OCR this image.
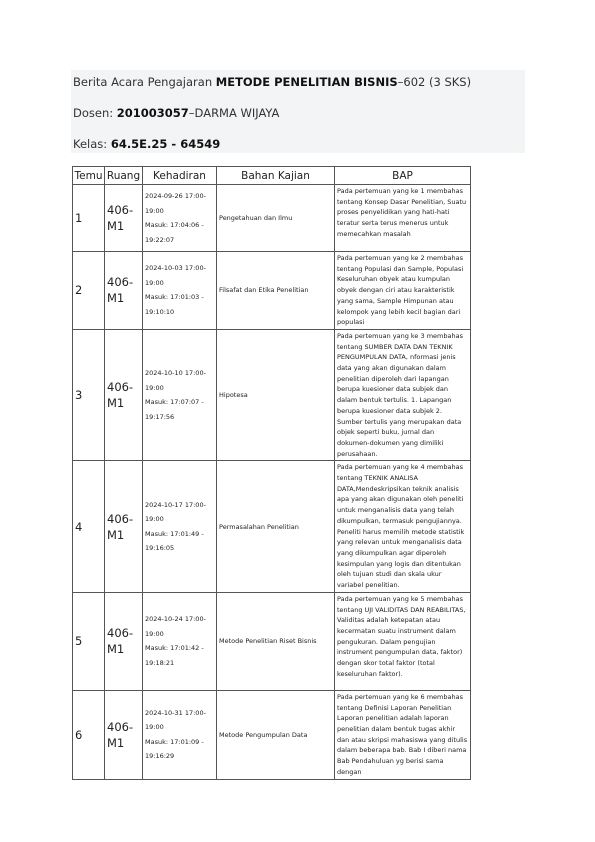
Berita Acara Pengajaran METODE PENELITIAN BISNIS–602 (3 SKS)
Dosen: 201003057–DARMA WIJAYA
Kelas: 64.5E.25 - 64549
Temu	Ruang	Kehadiran	Bahan Kajian	BAP
1	406-M1	2024-09-26 17:00-19:00
Masuk: 17:04:06 - 19:22:07	Pengetahuan dan Ilmu	Pada pertemuan yang ke 1 membahas tentang Konsep Dasar Penelitian, Suatu proses penyelidikan yang hati-hati teratur serta terus menerus untuk memecahkan masalah
2	406-M1	2024-10-03 17:00-19:00
Masuk: 17:01:03 - 19:10:10	Filsafat dan Etika Penelitian	Pada pertemuan yang ke 2 membahas tentang Populasi dan Sample, Populasi Keseluruhan obyek atau kumpulan obyek dengan ciri atau karakteristik yang sama, Sample Himpunan atau kelompok yang lebih kecil bagian dari populasi
3	406-M1	2024-10-10 17:00-19:00
Masuk: 17:07:07 - 19:17:56	Hipotesa	Pada pertemuan yang ke 3 membahas tentang SUMBER DATA DAN TEKNIK PENGUMPULAN DATA, nformasi jenis data yang akan digunakan dalam penelitian diperoleh dari lapangan berupa kuesioner data subjek dan dalam bentuk tertulis. 1. Lapangan berupa kuesioner data subjek 2. Sumber tertulis yang merupakan data objek seperti buku, jurnal dan dokumen-dokumen yang dimiliki perusahaan.
4	406-M1	2024-10-17 17:00-19:00
Masuk: 17:01:49 - 19:16:05	Permasalahan Penelitian	Pada pertemuan yang ke 4 membahas tentang TEKNIK ANALISA DATA,Mendeskripsikan teknik analisis apa yang akan digunakan oleh peneliti untuk menganalisis data yang telah dikumpulkan, termasuk pengujiannya. Peneliti harus memilih metode statistik yang relevan untuk menganalisis data yang dikumpulkan agar diperoleh kesimpulan yang logis dan ditentukan oleh tujuan studi dan skala ukur variabel penelitian.
5	406-M1	2024-10-24 17:00-19:00
Masuk: 17:01:42 - 19:18:21	Metode Penelitian Riset Bisnis	Pada pertemuan yang ke 5 membahas tentang UJI VALIDITAS DAN REABILITAS, Validitas adalah ketepatan atau kecermatan suatu instrument dalam pengukuran. Dalam pengujian instrument pengumpulan data, faktor) dengan skor total faktor (total keseluruhan faktor).
6	406-M1	2024-10-31 17:00-19:00
Masuk: 17:01:09 - 19:16:29	Metode Pengumpulan Data	Pada pertemuan yang ke 6 membahas tentang Definisi Laporan Penelitian Laporan penelitian adalah laporan penelitian dalam bentuk tugas akhir dan atau skripsi mahasiswa yang ditulis dalam beberapa bab. Bab I diberi nama Bab Pendahuluan yg berisi sama dengan
